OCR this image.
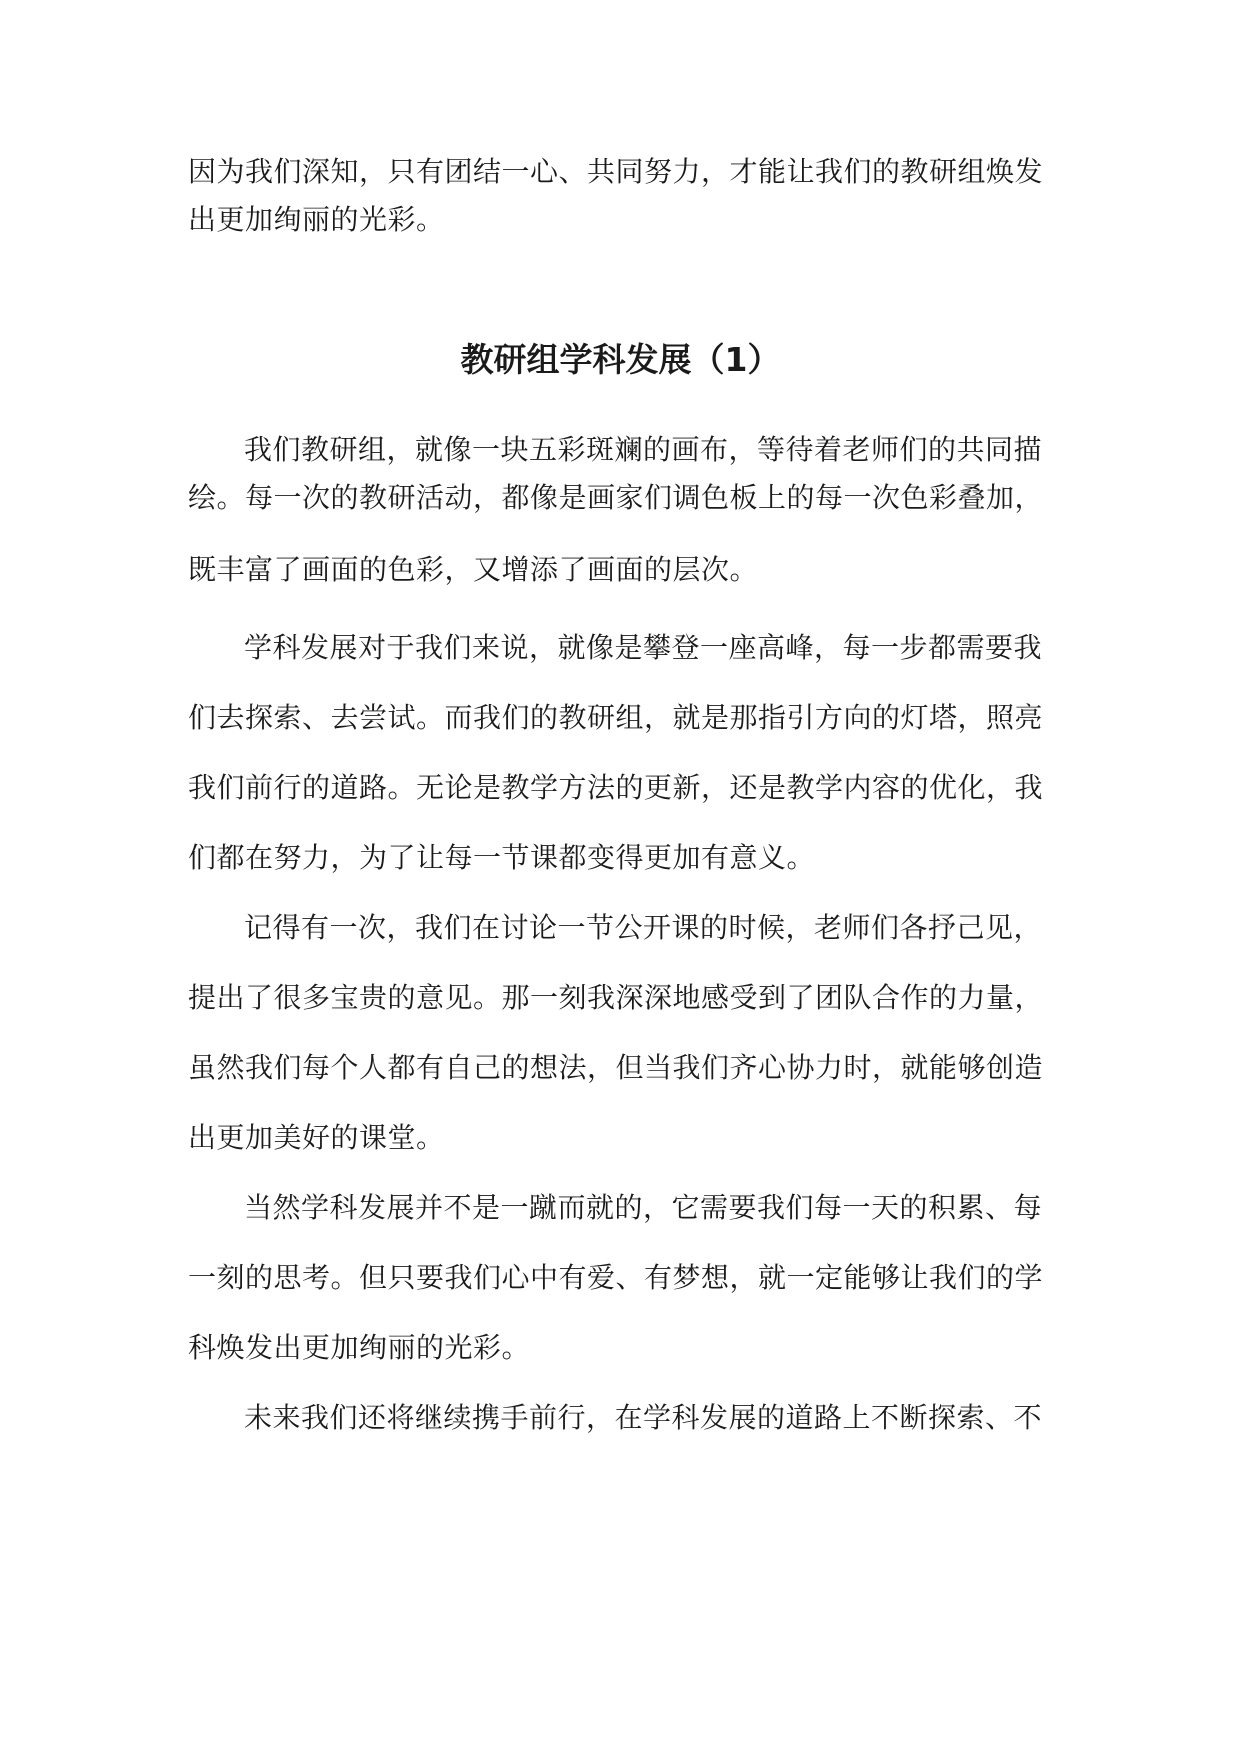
因为我们深知，只有团结一心、共同努力，才能让我们的教研组焕发
出更加绚丽的光彩。
教研组学科发展（1）
我们教研组，就像一块五彩斑斓的画布，等待着老师们的共同描
绘。每一次的教研活动，都像是画家们调色板上的每一次色彩叠加，
既丰富了画面的色彩，又增添了画面的层次。
学科发展对于我们来说，就像是攀登一座高峰，每一步都需要我
们去探索、去尝试。而我们的教研组，就是那指引方向的灯塔，照亮
我们前行的道路。无论是教学方法的更新，还是教学内容的优化，我
们都在努力，为了让每一节课都变得更加有意义。
记得有一次，我们在讨论一节公开课的时候，老师们各抒己见，
提出了很多宝贵的意见。那一刻我深深地感受到了团队合作的力量，
虽然我们每个人都有自己的想法，但当我们齐心协力时，就能够创造
出更加美好的课堂。
当然学科发展并不是一蹴而就的，它需要我们每一天的积累、每
一刻的思考。但只要我们心中有爱、有梦想，就一定能够让我们的学
科焕发出更加绚丽的光彩。
未来我们还将继续携手前行，在学科发展的道路上不断探索、不
